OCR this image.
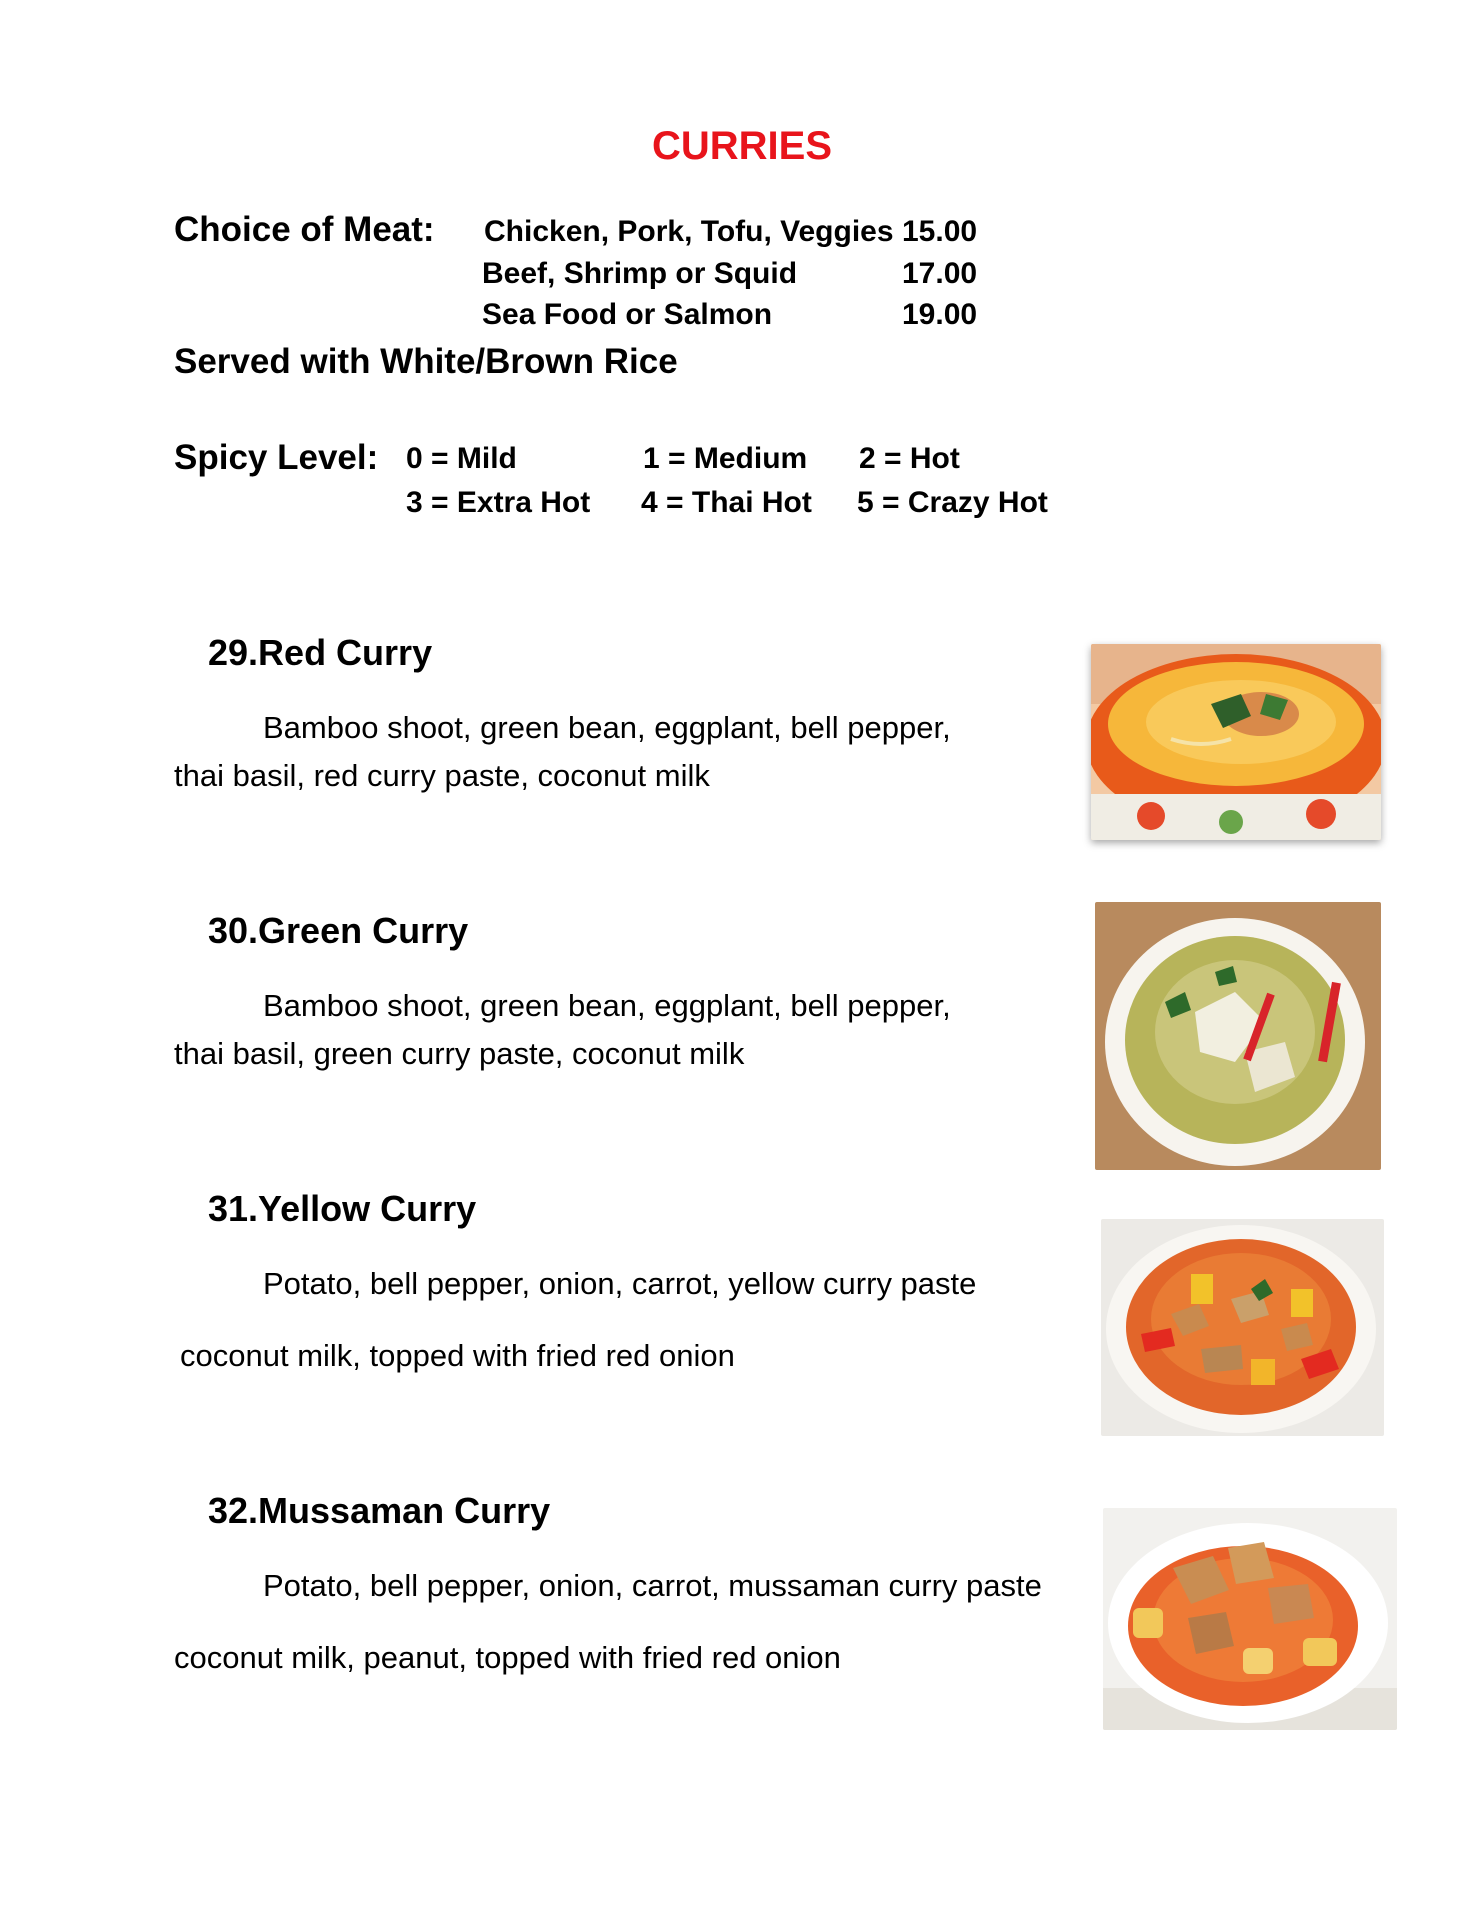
CURRIES
Choice of Meat: Chicken, Pork, Tofu, Veggies 15.00
Beef, Shrimp or Squid	17.00
Sea Food or Salmon	19.00
Served with White/Brown Rice
Spicy Level: 0 = Mild	1 = Medium 2 = Hot
3 = Extra Hot 4 = Thai Hot 5 = Crazy Hot
29.Red Curry
Bamboo shoot, green bean, eggplant, bell pepper,
thai basil, red curry paste, coconut milk
30.Green Curry
Bamboo shoot, green bean, eggplant, bell pepper,
thai basil, green curry paste, coconut milk
31.Yellow Curry
Potato, bell pepper, onion, carrot, yellow curry paste
coconut milk, topped with fried red onion
32.Mussaman Curry
Potato, bell pepper, onion, carrot, mussaman curry paste
coconut milk, peanut, topped with fried red onion
